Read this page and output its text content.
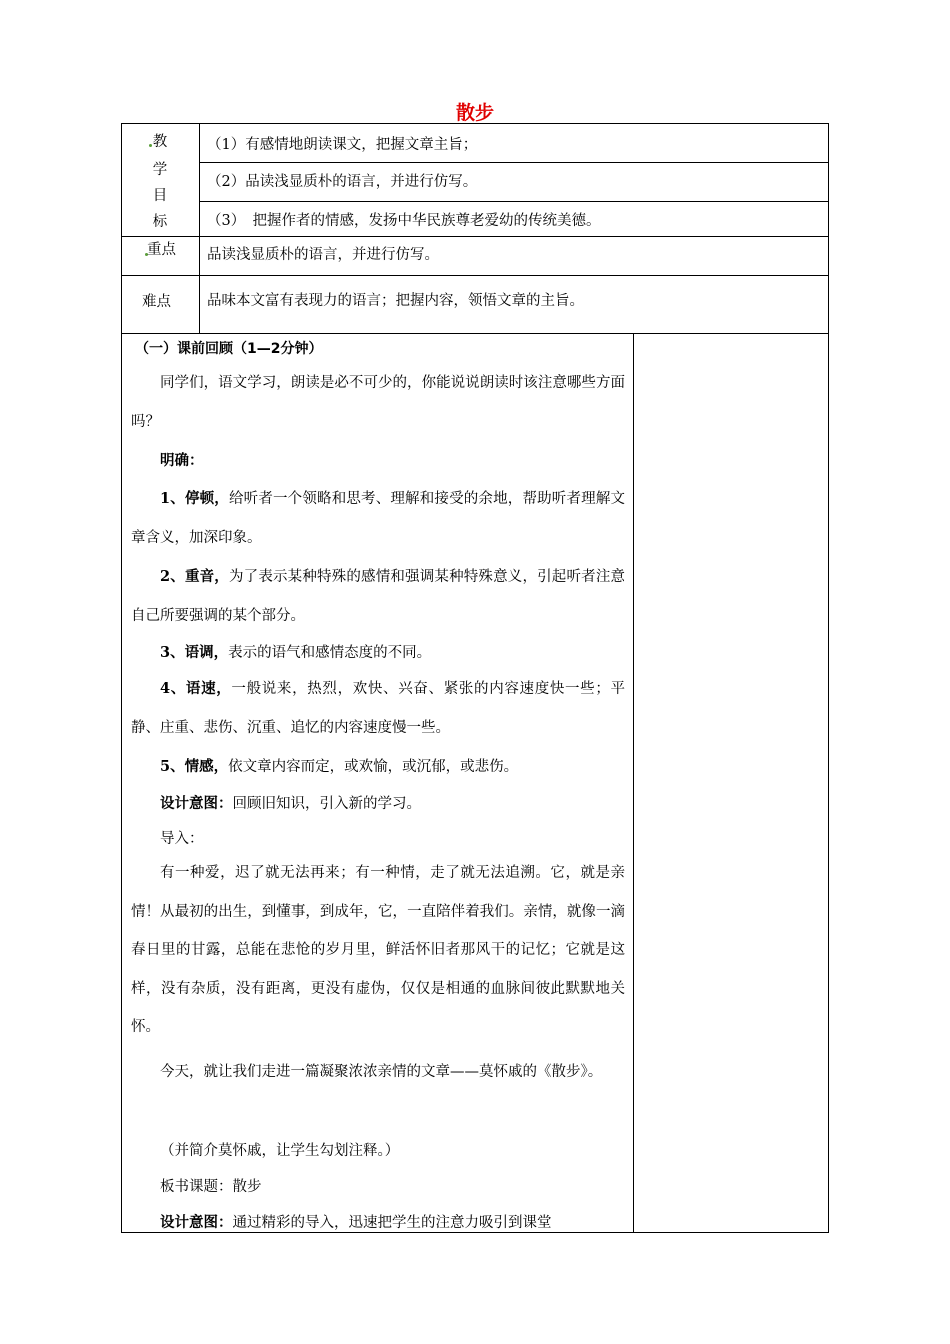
散步
教
学
目
标
（1）有感情地朗读课文，把握文章主旨；
（2）品读浅显质朴的语言，并进行仿写。
（3）　把握作者的情感，发扬中华民族尊老爱幼的传统美德。
重点 品读浅显质朴的语言，并进行仿写。
难点 品味本文富有表现力的语言；把握内容，领悟文章的主旨。
（一）课前回顾（1—2分钟）
同学们，语文学习，朗读是必不可少的，你能说说朗读时该注意哪些方面吗？
明确：
1、停顿，给听者一个领略和思考、理解和接受的余地，帮助听者理解文章含义，加深印象。
2、重音，为了表示某种特殊的感情和强调某种特殊意义，引起听者注意自己所要强调的某个部分。
3、语调，表示的语气和感情态度的不同。
4、语速，一般说来，热烈，欢快、兴奋、紧张的内容速度快一些；平静、庄重、悲伤、沉重、追忆的内容速度慢一些。
5、情感，依文章内容而定，或欢愉，或沉郁，或悲伤。
设计意图：回顾旧知识，引入新的学习。
导入：
有一种爱，迟了就无法再来；有一种情，走了就无法追溯。它，就是亲情！从最初的出生，到懂事，到成年，它，一直陪伴着我们。亲情，就像一滴春日里的甘露，总能在悲怆的岁月里，鲜活怀旧者那风干的记忆；它就是这样，没有杂质，没有距离，更没有虚伪，仅仅是相通的血脉间彼此默默地关怀。
今天，就让我们走进一篇凝聚浓浓亲情的文章——莫怀戚的《散步》。
（并简介莫怀戚，让学生勾划注释。）
板书课题：散步
设计意图：通过精彩的导入，迅速把学生的注意力吸引到课堂
